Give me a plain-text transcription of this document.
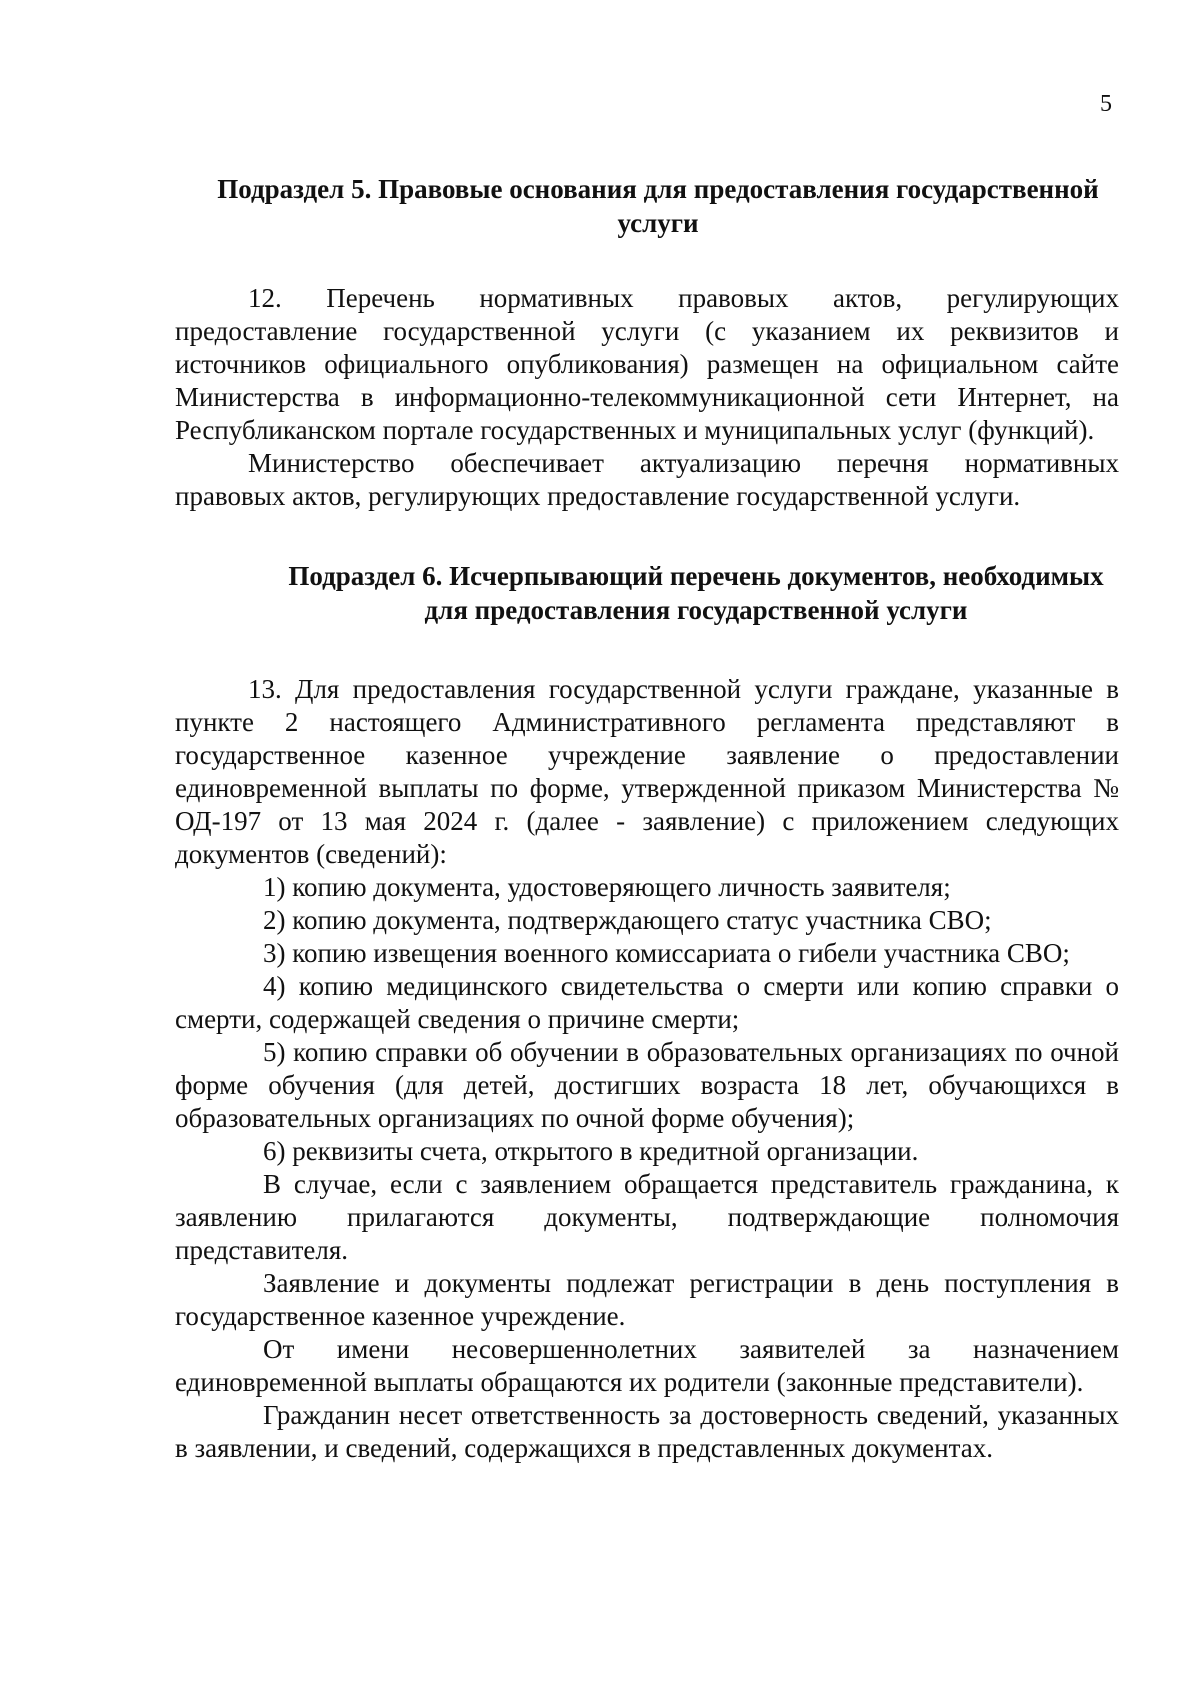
5
Подраздел 5. Правовые основания для предоставления государственной услуги

12. Перечень нормативных правовых актов, регулирующих предоставление государственной услуги (с указанием их реквизитов и источников официального опубликования) размещен на официальном сайте Министерства в информационно-телекоммуникационной сети Интернет, на Республиканском портале государственных и муниципальных услуг (функций).

Министерство обеспечивает актуализацию перечня нормативных правовых актов, регулирующих предоставление государственной услуги.

Подраздел 6. Исчерпывающий перечень документов, необходимых для предоставления государственной услуги

13. Для предоставления государственной услуги граждане, указанные в пункте 2 настоящего Административного регламента представляют в государственное казенное учреждение заявление о предоставлении единовременной выплаты по форме, утвержденной приказом Министерства № ОД-197 от 13 мая 2024 г. (далее - заявление) с приложением следующих документов (сведений):

1) копию документа, удостоверяющего личность заявителя;

2) копию документа, подтверждающего статус участника СВО;

3) копию извещения военного комиссариата о гибели участника СВО;

4) копию медицинского свидетельства о смерти или копию справки о смерти, содержащей сведения о причине смерти;

5) копию справки об обучении в образовательных организациях по очной форме обучения (для детей, достигших возраста 18 лет, обучающихся в образовательных организациях по очной форме обучения);

6) реквизиты счета, открытого в кредитной организации.

В случае, если с заявлением обращается представитель гражданина, к заявлению прилагаются документы, подтверждающие полномочия представителя.

Заявление и документы подлежат регистрации в день поступления в государственное казенное учреждение.

От имени несовершеннолетних заявителей за назначением единовременной выплаты обращаются их родители (законные представители).

Гражданин несет ответственность за достоверность сведений, указанных в заявлении, и сведений, содержащихся в представленных документах.
